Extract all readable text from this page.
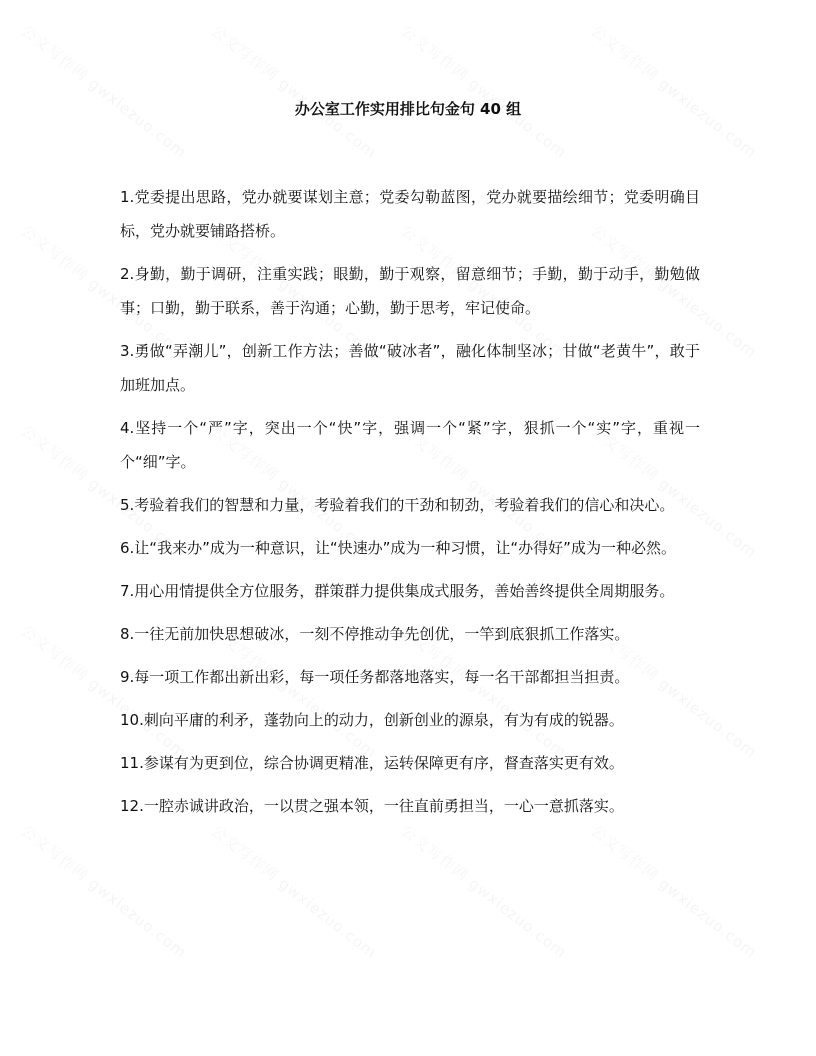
办公室工作实用排比句金句 40 组

1.党委提出思路，党办就要谋划主意；党委勾勒蓝图，党办就要描绘细节；党委明确目标，党办就要铺路搭桥。

2.身勤，勤于调研，注重实践；眼勤，勤于观察，留意细节；手勤，勤于动手，勤勉做事；口勤，勤于联系，善于沟通；心勤，勤于思考，牢记使命。

3.勇做“弄潮儿”，创新工作方法；善做“破冰者”，融化体制坚冰；甘做“老黄牛”，敢于加班加点。

4.坚持一个“严”字，突出一个“快”字，强调一个“紧”字，狠抓一个“实”字，重视一个“细”字。

5.考验着我们的智慧和力量，考验着我们的干劲和韧劲，考验着我们的信心和决心。

6.让“我来办”成为一种意识，让“快速办”成为一种习惯，让“办得好”成为一种必然。

7.用心用情提供全方位服务，群策群力提供集成式服务，善始善终提供全周期服务。

8.一往无前加快思想破冰，一刻不停推动争先创优，一竿到底狠抓工作落实。

9.每一项工作都出新出彩，每一项任务都落地落实，每一名干部都担当担责。

10.刺向平庸的利矛，蓬勃向上的动力，创新创业的源泉，有为有成的锐器。

11.参谋有为更到位，综合协调更精准，运转保障更有序，督查落实更有效。

12.一腔赤诚讲政治，一以贯之强本领，一往直前勇担当，一心一意抓落实。
